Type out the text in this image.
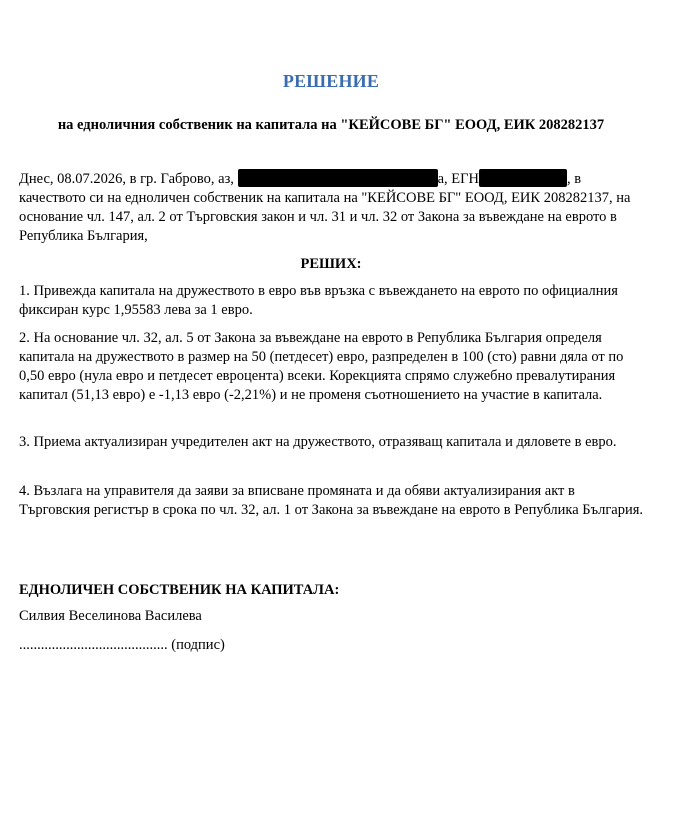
РЕШЕНИЕ
на едноличния собственик на капитала на "КЕЙСОВЕ БГ" ЕООД, ЕИК 208282137
Днес, 08.07.2026, в гр. Габрово, аз,	а, ЕГН	, в качеството си на едноличен собственик на капитала на "КЕЙСОВЕ БГ" ЕООД, ЕИК 208282137, на основание чл. 147, ал. 2 от Търговския закон и чл. 31 и чл. 32 от Закона за въвеждане на еврото в Република България,
РЕШИХ:
1. Привежда капитала на дружеството в евро във връзка с въвеждането на еврото по официалния фиксиран курс 1,95583 лева за 1 евро.
2. На основание чл. 32, ал. 5 от Закона за въвеждане на еврото в Република България определя капитала на дружеството в размер на 50 (петдесет) евро, разпределен в 100 (сто) равни дяла от по 0,50 евро (нула евро и петдесет евроцента) всеки. Корекцията спрямо служебно превалутирания капитал (51,13 евро) е -1,13 евро (-2,21%) и не променя съотношението на участие в капитала.
3. Приема актуализиран учредителен акт на дружеството, отразяващ капитала и дяловете в евро.
4. Възлага на управителя да заяви за вписване промяната и да обяви актуализирания акт в Търговския регистър в срока по чл. 32, ал. 1 от Закона за въвеждане на еврото в Република България.
ЕДНОЛИЧЕН СОБСТВЕНИК НА КАПИТАЛА:
Силвия Веселинова Василева
......................................... (подпис)
